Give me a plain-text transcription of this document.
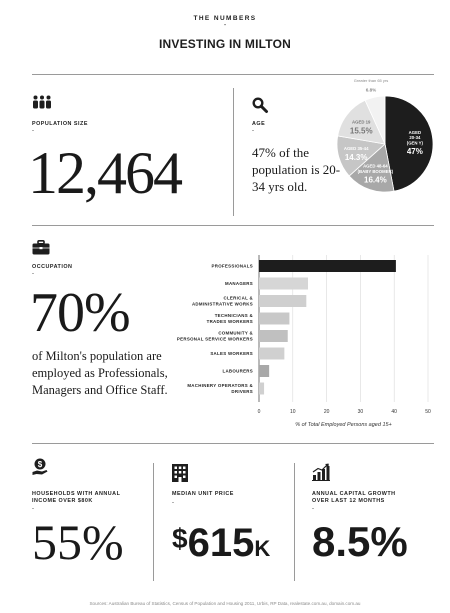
THE NUMBERS
-
INVESTING IN MILTON
POPULATION SIZE
-
12,464
AGE
-
47% of the population is 20-34 yrs old.
AGED
20-34
(GEN Y)
47%
AGED 48-64
(BABY BOOMER)
16.4%
AGED 35-44
14.3%
AGED 19
15.5%
Greater than 65 yrs
6.8%
OCCUPATION
-
70%
of Milton's population are employed as Professionals, Managers and Office Staff.
0	10	20	30	40	50
PROFESSIONALS
MANAGERS
CLERICAL &
ADMINISTRATIVE WORKS
TECHNICIANS &
TRADES WORKERS
COMMUNITY &
PERSONAL SERVICE WORKERS
SALES WORKERS
LABOURERS
MACHINERY OPERATORS &
DRIVERS
% of Total Employed Persons aged 15+
$
HOUSEHOLDS WITH ANNUAL
INCOME OVER $80K
-
55%
MEDIAN UNIT PRICE
-
$615K
ANNUAL CAPITAL GROWTH
OVER LAST 12 MONTHS
-
8.5%
Sources: Australian Bureau of Statistics, Census of Population and Housing 2011, Urbis, RP Data, realestate.com.au, domain.com.au
